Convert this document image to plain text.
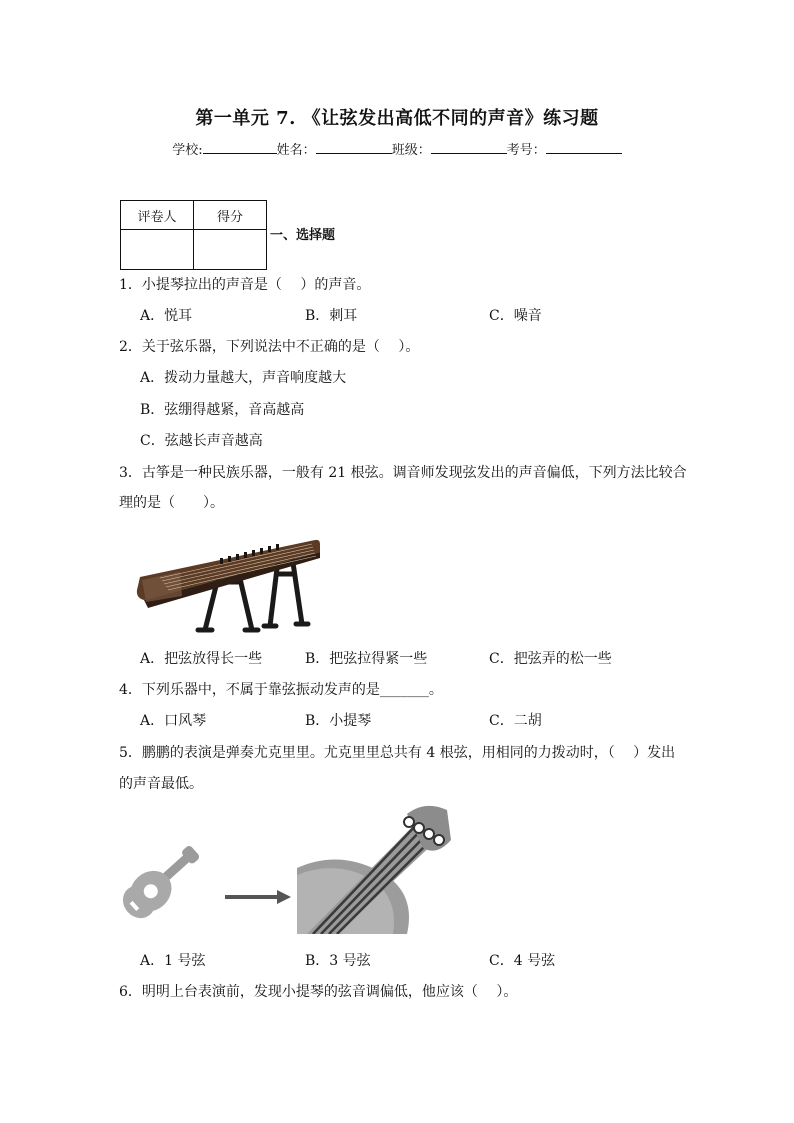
第一单元 7. 《让弦发出高低不同的声音》练习题
学校:	姓名：	班级：	考号：
评卷人	得分

一、选择题
1．小提琴拉出的声音是（　 ）的声音。
A．悦耳	B．刺耳	C．噪音
2．关于弦乐器，下列说法中不正确的是（　 ）。
A．拨动力量越大，声音响度越大
B．弦绷得越紧，音高越高
C．弦越长声音越高
3．古筝是一种民族乐器，一般有 21 根弦。调音师发现弦发出的声音偏低，下列方法比较合
理的是（　　）。
A．把弦放得长一些	B．把弦拉得紧一些	C．把弦弄的松一些
4．下列乐器中，不属于靠弦振动发声的是_______。
A．口风琴	B．小提琴	C．二胡
5．鹏鹏的表演是弹奏尤克里里。尤克里里总共有 4 根弦，用相同的力拨动时，（　 ）发出
的声音最低。
A．1 号弦	B．3 号弦	C．4 号弦
6．明明上台表演前，发现小提琴的弦音调偏低，他应该（　 ）。
